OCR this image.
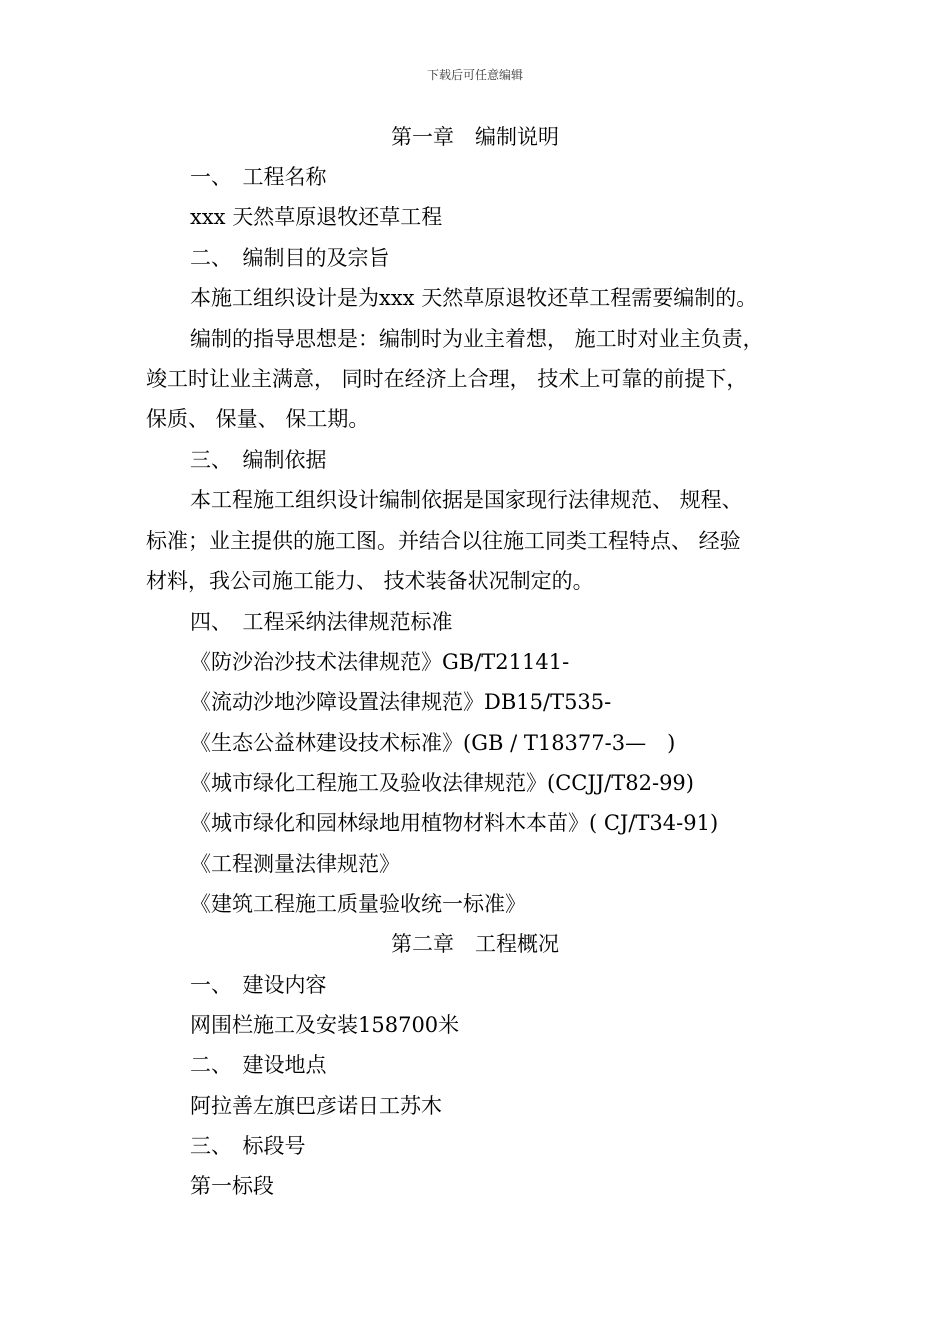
下载后可任意编辑
第一章　编制说明
一、　工程名称
xxx 天然草原退牧还草工程
二、　编制目的及宗旨
本施工组织设计是为xxx 天然草原退牧还草工程需要编制的。
编制的指导思想是：编制时为业主着想， 施工时对业主负责，
竣工时让业主满意， 同时在经济上合理， 技术上可靠的前提下，
保质、 保量、 保工期。
三、　编制依据
本工程施工组织设计编制依据是国家现行法律规范、 规程、
标准；业主提供的施工图。并结合以往施工同类工程特点、 经验
材料，我公司施工能力、 技术装备状况制定的。
四、　工程采纳法律规范标准
《防沙治沙技术法律规范》GB/T21141-
《流动沙地沙障设置法律规范》DB15/T535-
《生态公益林建设技术标准》(GB / T18377-3—　)
《城市绿化工程施工及验收法律规范》(CCJJ/T82-99)
《城市绿化和园林绿地用植物材料木本苗》( CJ/T34-91)
《工程测量法律规范》
《建筑工程施工质量验收统一标准》
第二章　工程概况
一、　建设内容
网围栏施工及安装158700米
二、　建设地点
阿拉善左旗巴彦诺日工苏木
三、　标段号
第一标段
